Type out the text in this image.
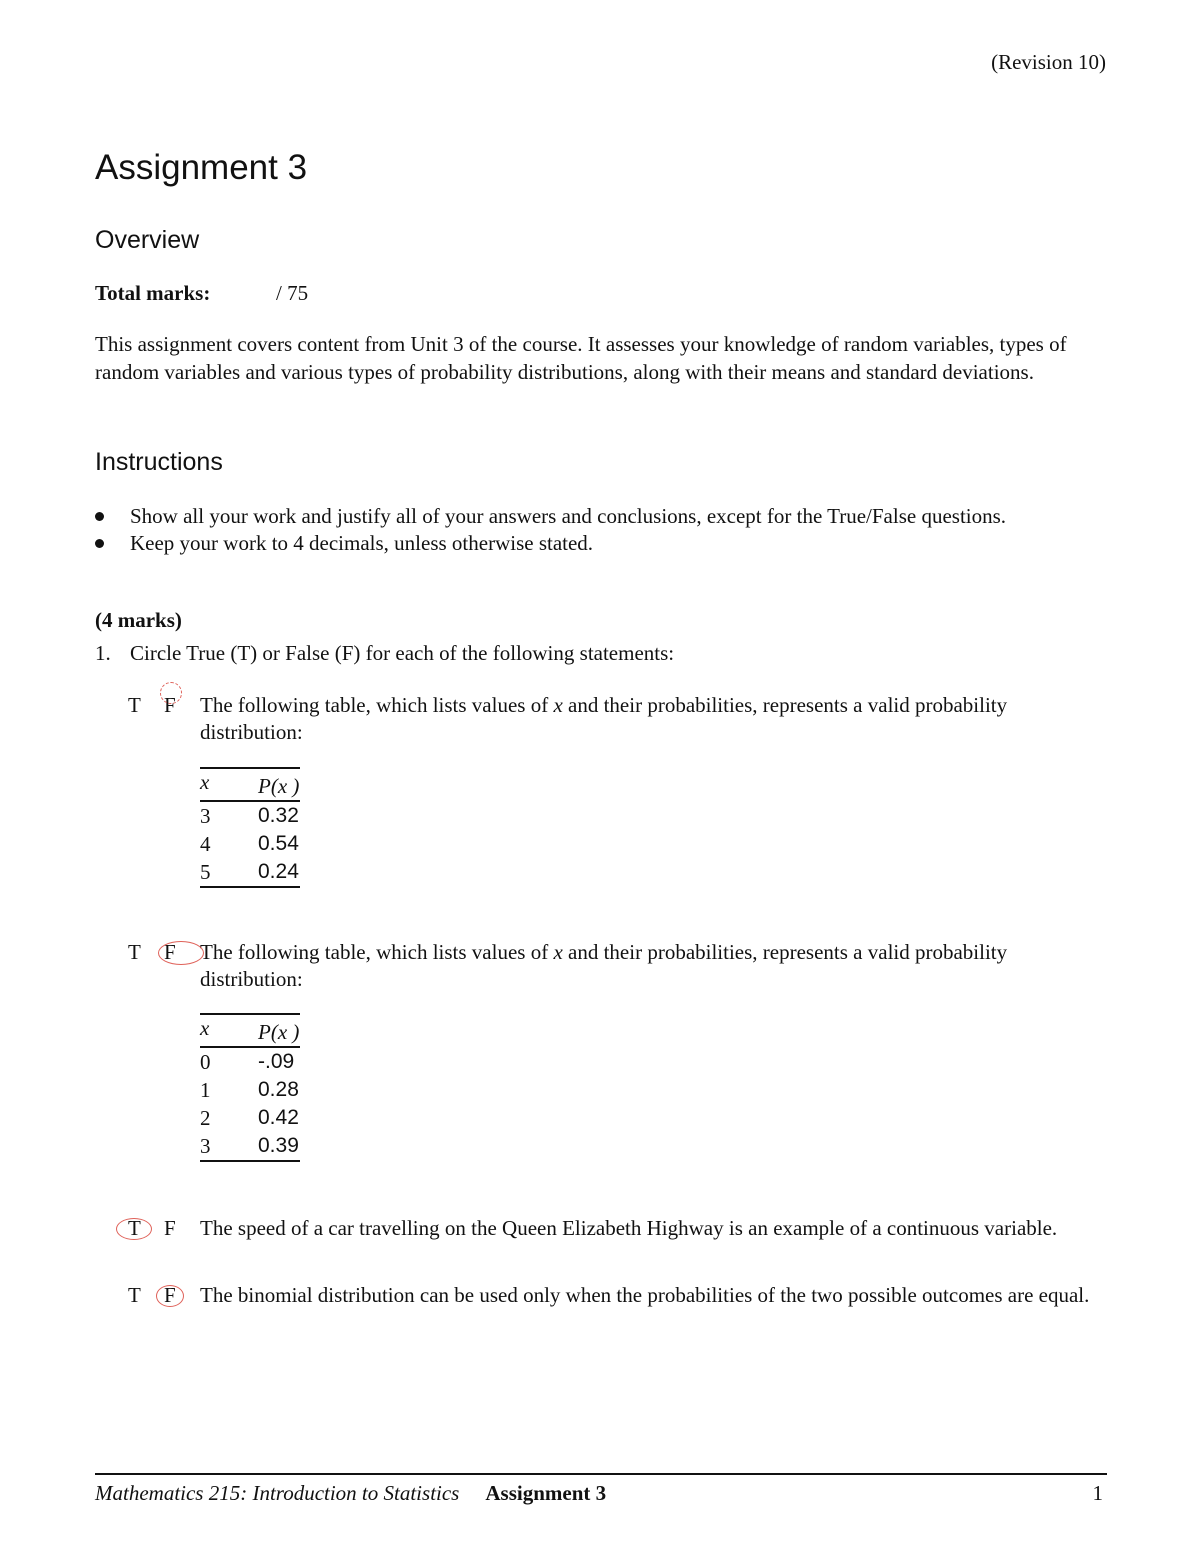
(Revision 10)
Assignment 3
Overview
Total marks:	/ 75

This assignment covers content from Unit 3 of the course. It assesses your knowledge of random variables, types of random variables and various types of probability distributions, along with their means and standard deviations.

Instructions
Show all your work and justify all of your answers and conclusions, except for the True/False questions.
Keep your work to 4 decimals, unless otherwise stated.
(4 marks)
1. Circle True (T) or False (F) for each of the following statements:
T F The following table, which lists values of x and their probabilities, represents a valid probability distribution:
x	P(x )
3	0.32
4	0.54
5	0.24
T F The following table, which lists values of x and their probabilities, represents a valid probability distribution:
x	P(x )
0	-.09
1	0.28
2	0.42
3	0.39
T F The speed of a car travelling on the Queen Elizabeth Highway is an example of a continuous variable.
T F The binomial distribution can be used only when the probabilities of the two possible outcomes are equal.
Mathematics 215: Introduction to Statistics Assignment 3	1
